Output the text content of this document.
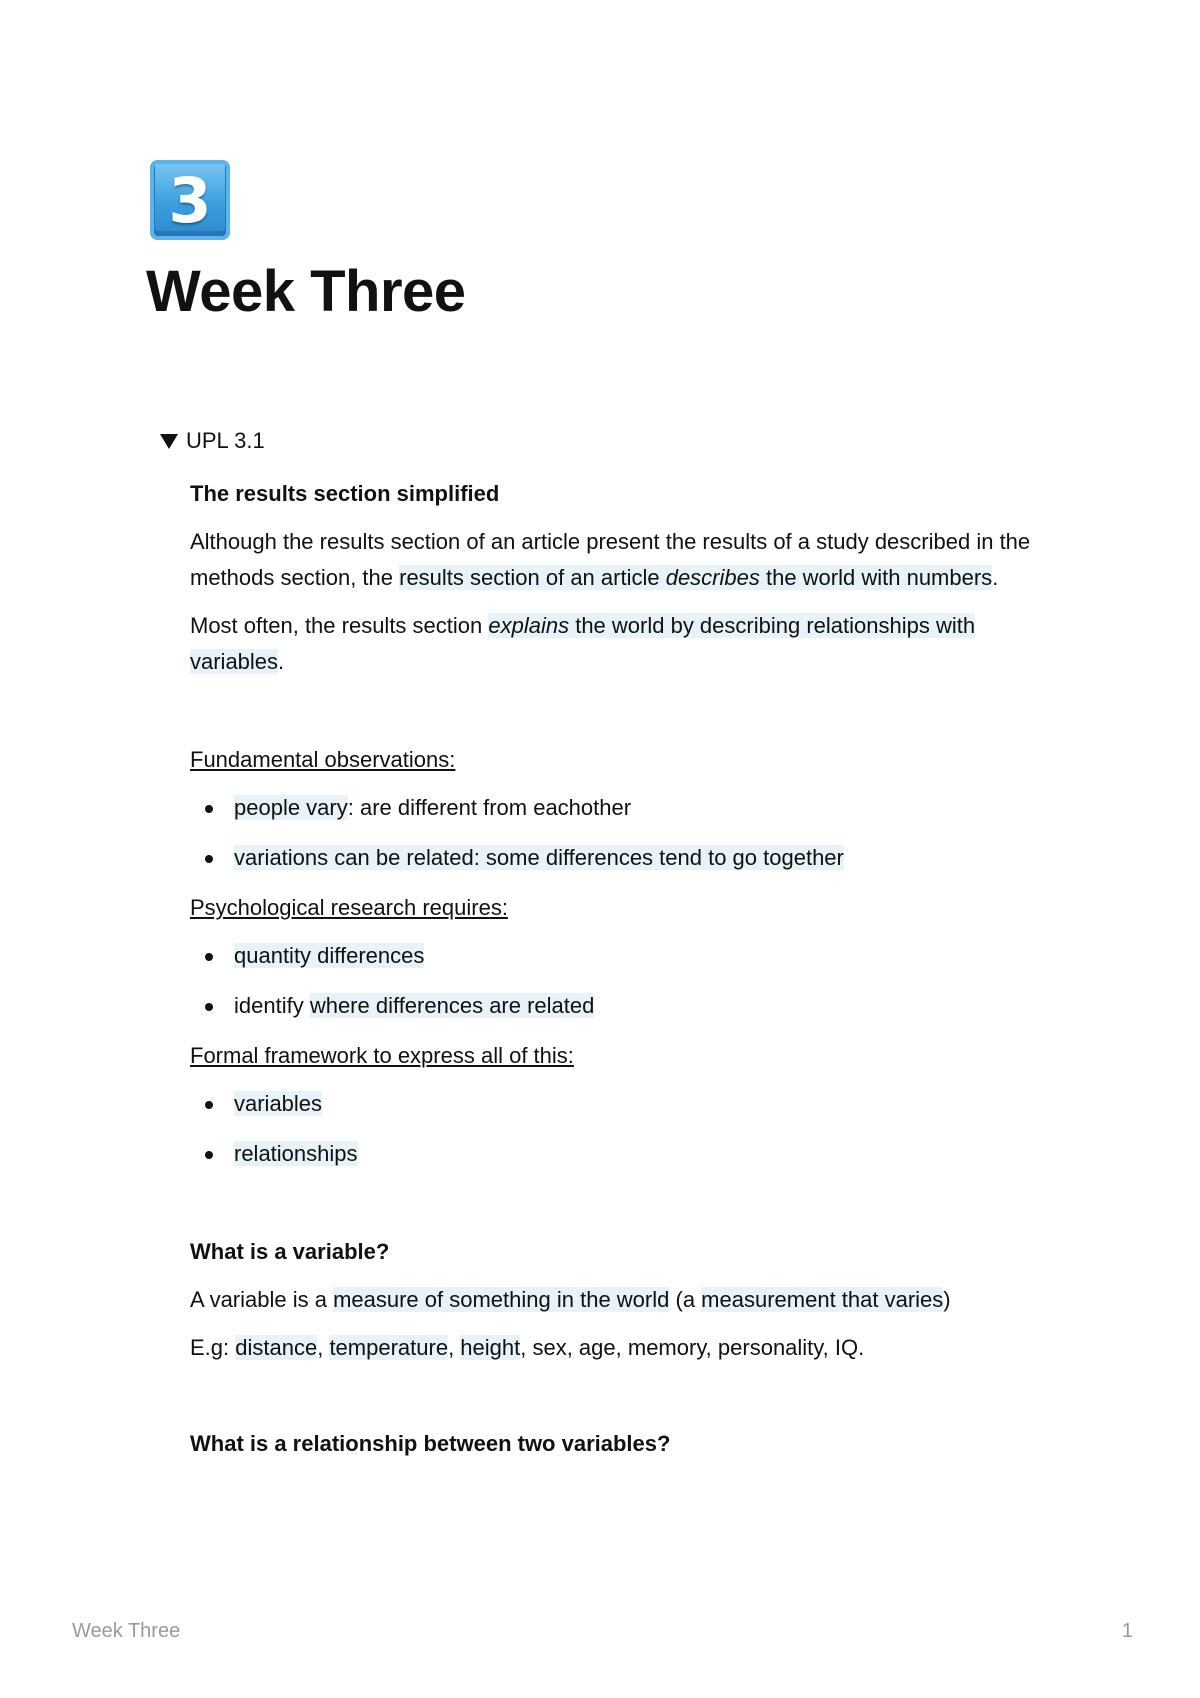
3
Week Three
UPL 3.1

The results section simplified

Although the results section of an article present the results of a study described in the methods section, the results section of an article describes the world with numbers.

Most often, the results section explains the world by describing relationships with variables.

Fundamental observations:

people vary: are different from eachother
variations can be related: some differences tend to go together

Psychological research requires:

quantity differences
identify where differences are related

Formal framework to express all of this:

variables
relationships

What is a variable?

A variable is a measure of something in the world (a measurement that varies)

E.g: distance, temperature, height, sex, age, memory, personality, IQ.

What is a relationship between two variables?

Week Three	1
